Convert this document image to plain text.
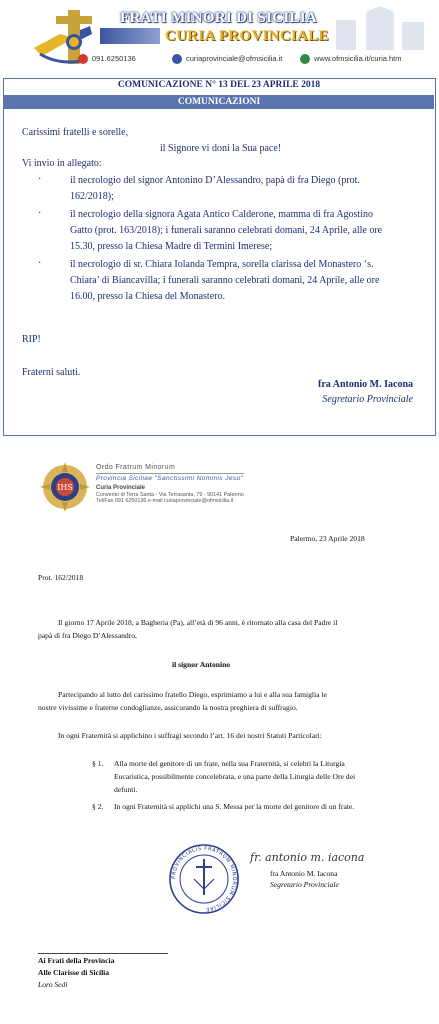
FRATI MINORI DI SICILIA
CURIA PROVINCIALE
091.6250136	curiaprovinciale@ofmsicilia.it	www.ofmsicilia.it/curia.htm
COMUNICAZIONE N° 13 DEL 23 APRILE 2018
COMUNICAZIONI
Carissimi fratelli e sorelle,
il Signore vi doni la Sua pace!
Vi invio in allegato:
·	il necrologio del signor Antonino D’Alessandro, papà di fra Diego (prot.
162/2018);
·	il necrologio della signora Agata Antico Calderone, mamma di fra Agostino
Gatto (prot. 163/2018); i funerali saranno celebrati domani, 24 Aprile, alle ore
15.30, presso la Chiesa Madre di Termini Imerese;
·	il necrologio di sr. Chiara Iolanda Tempra, sorella clarissa del Monastero ‘s.
Chiara’ di Biancavilla; i funerali saranno celebrati domani, 24 Aprile, alle ore
16.00, presso la Chiesa del Monastero.
RIP!
Fraterni saluti.
fra Antonio M. Iacona
Segretario Provinciale
IHS
Ordo Fratrum Minorum
Provincia Siciliae "Sanctissimi Nominis Jesu"
Curia Provinciale
Convento di Terra Santa - Via Terrasanta, 79 - 90141 Palermo
Tel/Fax 091 6250136 e-mail curiaprovinciale@ofmsicilia.it
Palermo, 23 Aprile 2018
Prot. 162/2018
Il giorno 17 Aprile 2018, a Bagheria (Pa), all’età di 96 anni, è ritornato alla casa del Padre il
papà di fra Diego D’Alessandro,
il signor Antonino
Partecipando al lutto del carissimo fratello Diego, esprimiamo a lui e alla sua famiglia le
nostre vivissime e fraterne condoglianze, assicurando la nostra preghiera di suffragio.
In ogni Fraternità si applichino i suffragi secondo l’art. 16 dei nostri Statuti Particolari:
§ 1. Alla morte del genitore di un frate, nella sua Fraternità, si celebri la Liturgia
Eucaristica, possibilmente concelebrata, e una parte della Liturgia delle Ore dei
defunti.
§ 2. In ogni Fraternità si applichi una S. Messa per la morte del genitore di un frate.
PROVINCIALIS FRATRUM MINORUM SICILIAE
fr. antonio m. iacona
fra Antonio M. Iacona
Segretario Provinciale
Ai Frati della Provincia
Alle Clarisse di Sicilia
Loro Sedi
